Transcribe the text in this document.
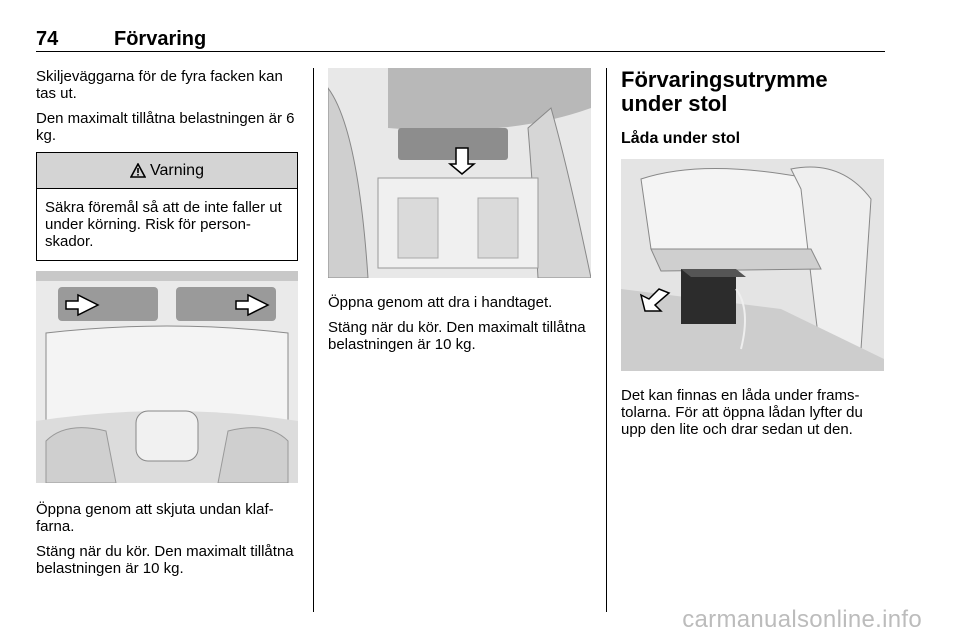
74	Förvaring

Skiljeväggarna för de fyra facken kan tas ut.

Den maximalt tillåtna belastningen är 6 kg.

Varning
Säkra föremål så att de inte faller ut under körning. Risk för person-skador.

Öppna genom att skjuta undan klaf-farna.

Stäng när du kör. Den maximalt tillåtna belastningen är 10 kg.

Öppna genom att dra i handtaget.

Stäng när du kör. Den maximalt tillåtna belastningen är 10 kg.

Förvaringsutrymme under stol
Låda under stol

Det kan finnas en låda under frams-tolarna. För att öppna lådan lyfter du upp den lite och drar sedan ut den.

carmanualsonline.info
